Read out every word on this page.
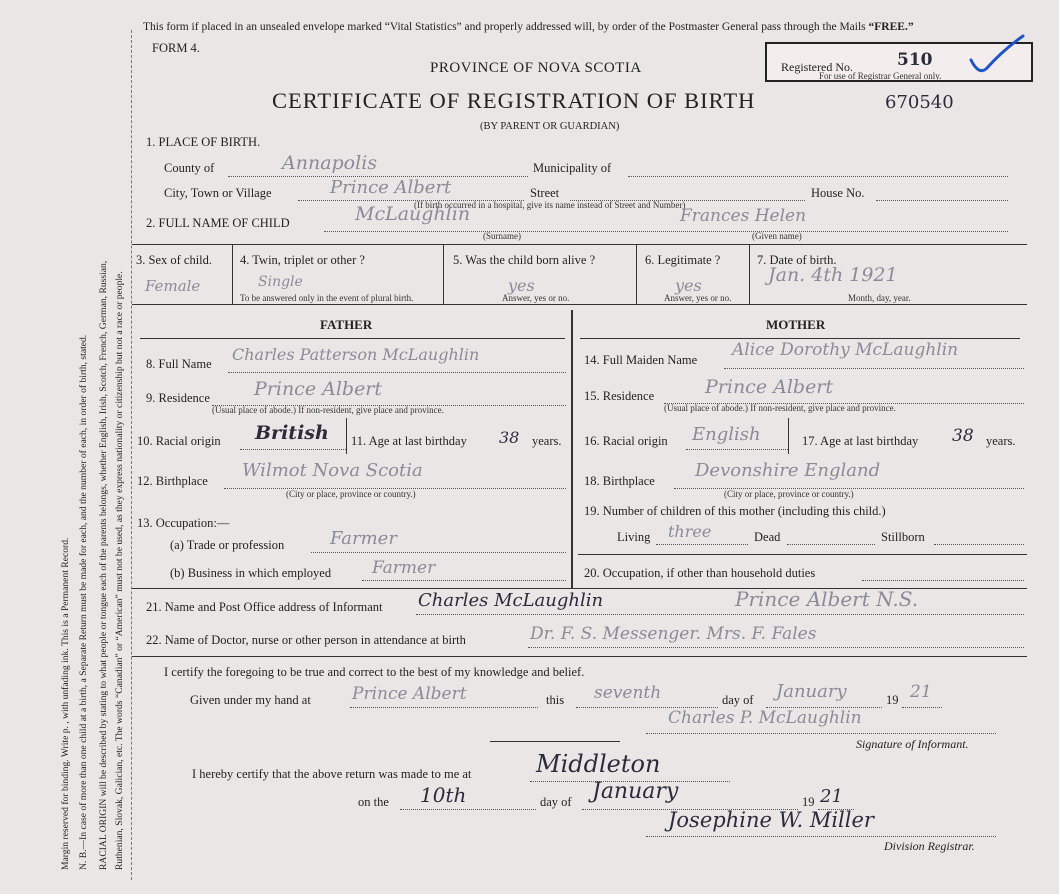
Margin reserved for binding. Write p. , with unfading ink. This is a Permanent Record. N. B.—In case of more than one child at a birth, a Separate Return must be made for each, and the number of each, in order of birth, stated. RACIAL ORIGIN will be described by stating to what people or tongue each of the parents belongs, whether English, Irish, Scotch, French, German, Russian, Ruthenian, Slovak, Galician, etc. The words “Canadian” or “American” must not be used, as they express nationality or citizenship but not a race or people.
This form if placed in an unsealed envelope marked “Vital Statistics” and properly addressed will, by order of the Postmaster General pass through the Mails “FREE.”
FORM 4.
PROVINCE OF NOVA SCOTIA
CERTIFICATE OF REGISTRATION OF BIRTH	670540
(BY PARENT OR GUARDIAN)
Registered No.	510
For use of Registrar General only.
1. PLACE OF BIRTH.
County of	Annapolis	Municipality of
City, Town or Village	Prince Albert	Street	House No.
(If birth occurred in a hospital, give its name instead of Street and Number)
2. FULL NAME OF CHILD	McLaughlin	Frances Helen
(Surname)	(Given name)
3. Sex of child.
Female
4. Twin, triplet or other ?
Single
To be answered only in the event of plural birth.
5. Was the child born alive ?
yes
Answer, yes or no.
6. Legitimate ?
yes
Answer, yes or no.
7. Date of birth.
Jan. 4th 1921
Month, day, year.
FATHER	MOTHER
8. Full Name Charles Patterson McLaughlin
9. Residence Prince Albert
(Usual place of abode.) If non-resident, give place and province.
10. Racial origin British 11. Age at last birthday 38 years.
12. Birthplace Wilmot Nova Scotia
(City or place, province or country.)
13. Occupation:—
(a) Trade or profession	Farmer
(b) Business in which employed Farmer
14. Full Maiden Name Alice Dorothy McLaughlin
15. Residence	Prince Albert
(Usual place of abode.) If non-resident, give place and province.
16. Racial origin English	17. Age at last birthday 38 years.
18. Birthplace Devonshire England
(City or place, province or country.)
19. Number of children of this mother (including this child.)
Living three	Dead	Stillborn
20. Occupation, if other than household duties
21. Name and Post Office address of Informant Charles McLaughlin	Prince Albert N.S.
22. Name of Doctor, nurse or other person in attendance at birth	Dr. F. S. Messenger. Mrs. F. Fales
I certify the foregoing to be true and correct to the best of my knowledge and belief.
Given under my hand at Prince Albert	this seventh	day of January	19 21
Charles P. McLaughlin
Signature of Informant.
I hereby certify that the above return was made to me at	Middleton
on the 10th	day of January	19 21
Josephine W. Miller
Division Registrar.
